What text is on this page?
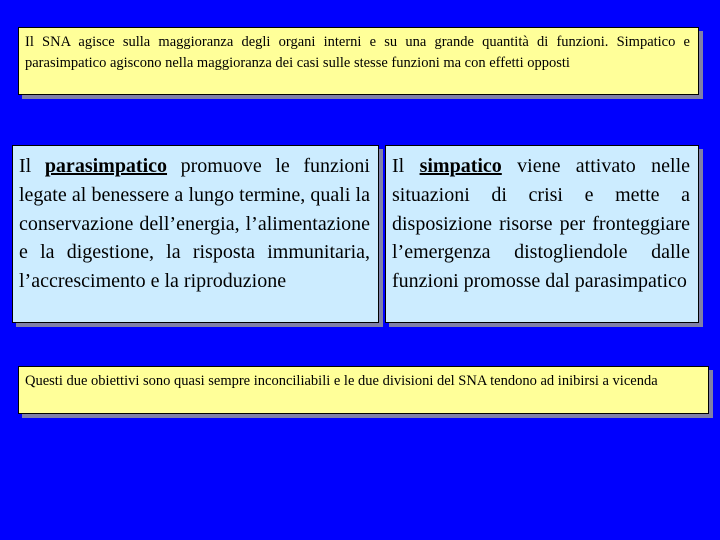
Il SNA agisce sulla maggioranza degli organi interni e su una grande quantità di funzioni. Simpatico e parasimpatico agiscono nella maggioranza dei casi sulle stesse funzioni ma con effetti opposti
Il parasimpatico promuove le funzioni legate al benessere a lungo termine, quali la conservazione dell’energia, l’alimentazione e la digestione, la risposta immunitaria, l’accrescimento e la riproduzione
Il simpatico viene attivato nelle situazioni di crisi e mette a disposizione risorse per fronteggiare l’emergenza distogliendole dalle funzioni promosse dal parasimpatico
Questi due obiettivi sono quasi sempre inconciliabili e le due divisioni del SNA tendono ad inibirsi a vicenda
